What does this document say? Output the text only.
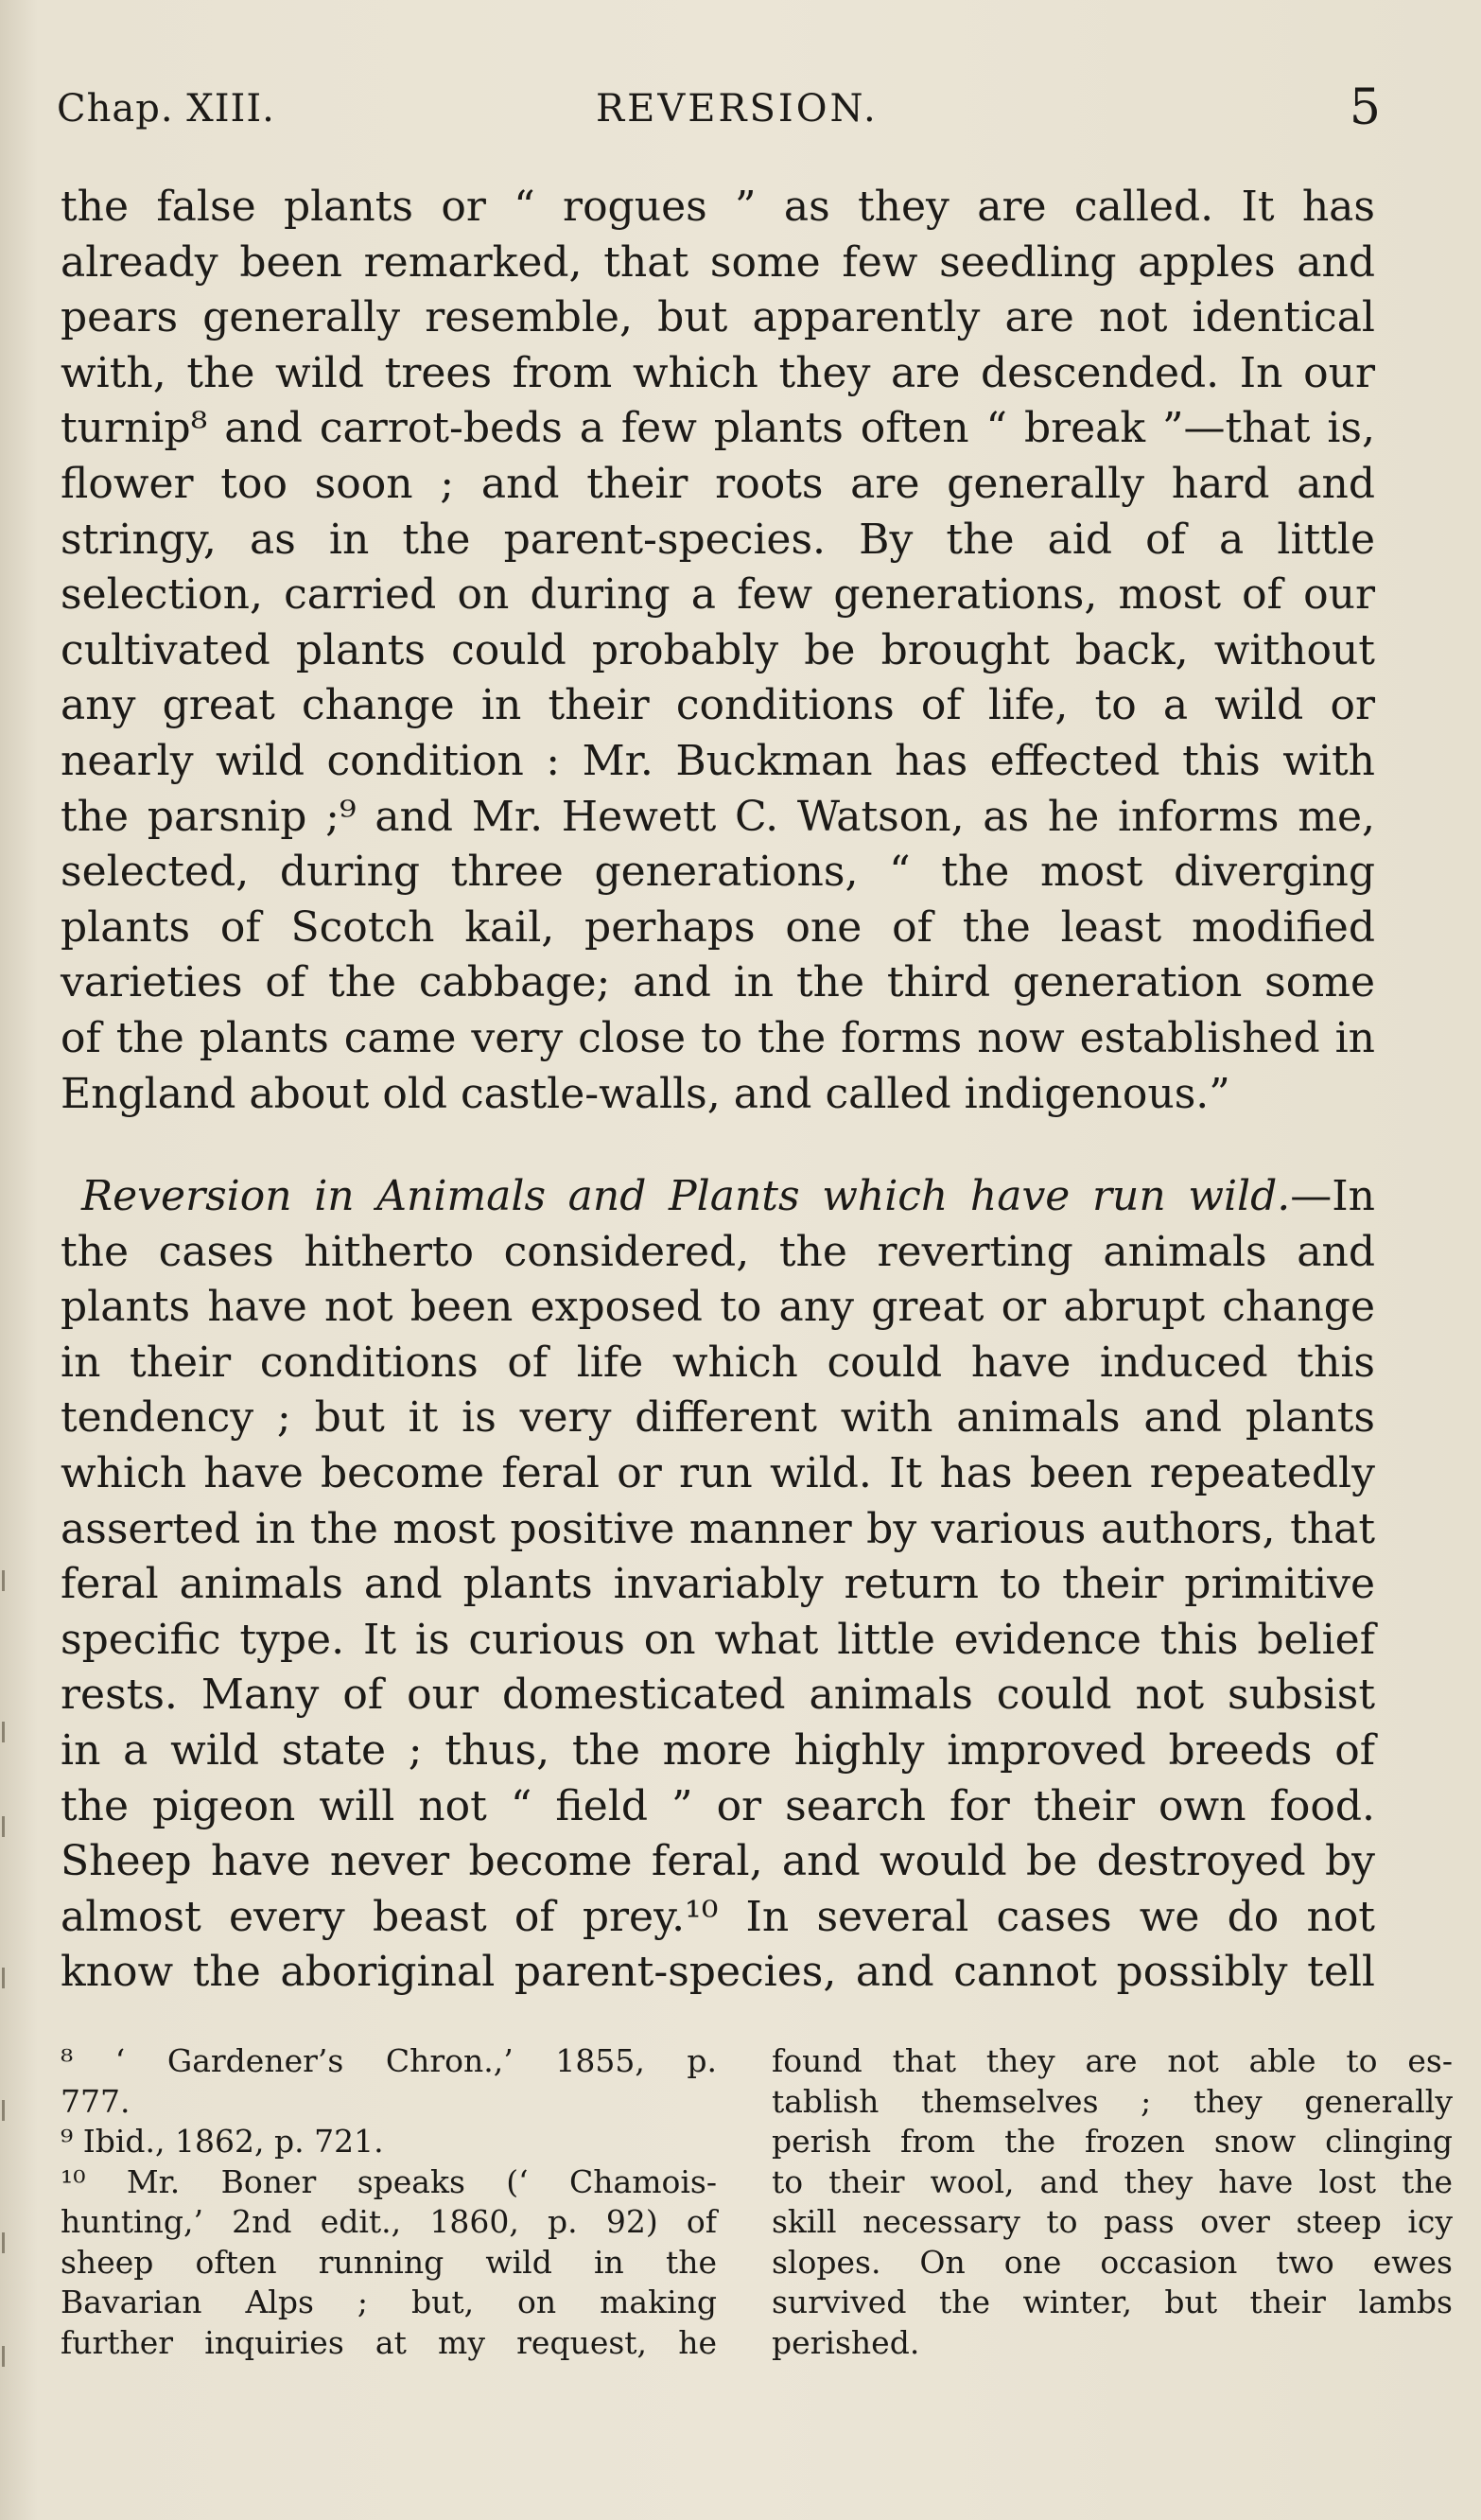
Chap. XIII.	REVERSION.	5
the false plants or “ rogues ” as they are called. It has
already been remarked, that some few seedling apples and
pears generally resemble, but apparently are not identical
with, the wild trees from which they are descended. In our
turnip⁸ and carrot-beds a few plants often “ break ”—that is,
flower too soon ; and their roots are generally hard and
stringy, as in the parent-species. By the aid of a little
selection, carried on during a few generations, most of our
cultivated plants could probably be brought back, without
any great change in their conditions of life, to a wild or
nearly wild condition : Mr. Buckman has effected this with
the parsnip ;⁹ and Mr. Hewett C. Watson, as he informs me,
selected, during three generations, “ the most diverging
plants of Scotch kail, perhaps one of the least modified
varieties of the cabbage; and in the third generation some
of the plants came very close to the forms now established in
England about old castle-walls, and called indigenous.”
Reversion in Animals and Plants which have run wild.—In
the cases hitherto considered, the reverting animals and
plants have not been exposed to any great or abrupt change
in their conditions of life which could have induced this
tendency ; but it is very different with animals and plants
which have become feral or run wild. It has been repeatedly
asserted in the most positive manner by various authors, that
feral animals and plants invariably return to their primitive
specific type. It is curious on what little evidence this belief
rests. Many of our domesticated animals could not subsist
in a wild state ; thus, the more highly improved breeds of
the pigeon will not “ field ” or search for their own food.
Sheep have never become feral, and would be destroyed by
almost every beast of prey.¹⁰ In several cases we do not
know the aboriginal parent-species, and cannot possibly tell
⁸ ‘ Gardener’s Chron.,’ 1855, p.
777.
⁹ Ibid., 1862, p. 721.
¹⁰ Mr. Boner speaks (‘ Chamois-
hunting,’ 2nd edit., 1860, p. 92) of
sheep often running wild in the
Bavarian Alps ; but, on making
further inquiries at my request, he
found that they are not able to es-
tablish themselves ; they generally
perish from the frozen snow clinging
to their wool, and they have lost the
skill necessary to pass over steep icy
slopes. On one occasion two ewes
survived the winter, but their lambs
perished.
